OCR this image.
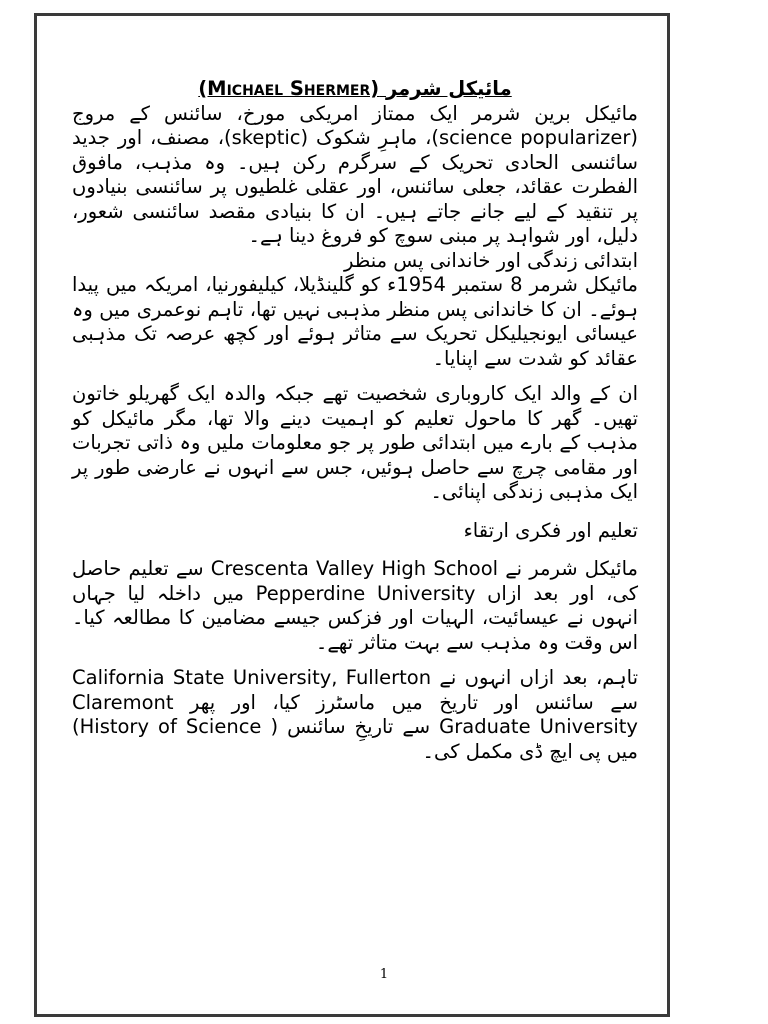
مائیکل شرمر (Michael Shermer)

مائیکل برین شرمر ایک ممتاز امریکی مورخ، سائنس کے مروج (science popularizer)، ماہرِ شکوک (skeptic)، مصنف، اور جدید سائنسی الحادی تحریک کے سرگرم رکن ہیں۔ وہ مذہب، مافوق الفطرت عقائد، جعلی سائنس، اور عقلی غلطیوں پر سائنسی بنیادوں پر تنقید کے لیے جانے جاتے ہیں۔ ان کا بنیادی مقصد سائنسی شعور، دلیل، اور شواہد پر مبنی سوچ کو فروغ دینا ہے۔

ابتدائی زندگی اور خاندانی پس منظر

مائیکل شرمر 8 ستمبر 1954ء کو گلینڈیلا، کیلیفورنیا، امریکہ میں پیدا ہوئے۔ ان کا خاندانی پس منظر مذہبی نہیں تھا، تاہم نوعمری میں وہ عیسائی ایونجیلیکل تحریک سے متاثر ہوئے اور کچھ عرصہ تک مذہبی عقائد کو شدت سے اپنایا۔

ان کے والد ایک کاروباری شخصیت تھے جبکہ والدہ ایک گھریلو خاتون تھیں۔ گھر کا ماحول تعلیم کو اہمیت دینے والا تھا، مگر مائیکل کو مذہب کے بارے میں ابتدائی طور پر جو معلومات ملیں وہ ذاتی تجربات اور مقامی چرچ سے حاصل ہوئیں، جس سے انہوں نے عارضی طور پر ایک مذہبی زندگی اپنائی۔

تعلیم اور فکری ارتقاء

مائیکل شرمر نے Crescenta Valley High School سے تعلیم حاصل کی، اور بعد ازاں Pepperdine University میں داخلہ لیا جہاں انہوں نے عیسائیت، الہیات اور فزکس جیسے مضامین کا مطالعہ کیا۔ اس وقت وہ مذہب سے بہت متاثر تھے۔

تاہم، بعد ازاں انہوں نے California State University, Fullerton سے سائنس اور تاریخ میں ماسٹرز کیا، اور پھر Claremont Graduate University سے تاریخِ سائنس ( History of Science) میں پی ایچ ڈی مکمل کی۔

1
